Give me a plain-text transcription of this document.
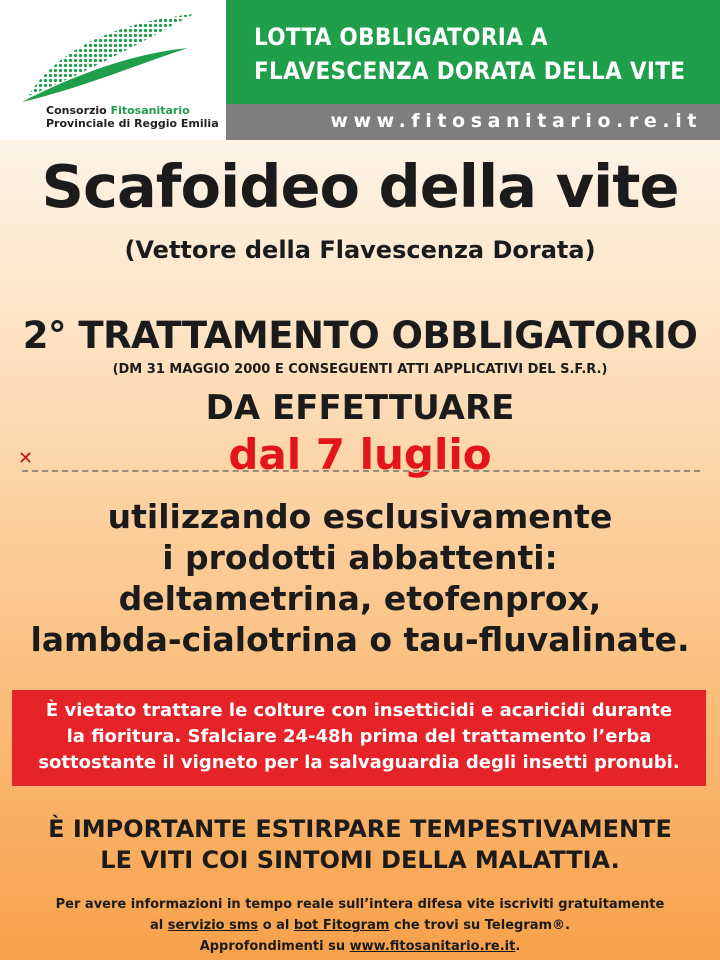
Consorzio Fitosanitario
Provinciale di Reggio Emilia
LOTTA OBBLIGATORIA A
FLAVESCENZA DORATA DELLA VITE
www.fitosanitario.re.it
Scafoideo della vite
(Vettore della Flavescenza Dorata)
2° TRATTAMENTO OBBLIGATORIO
(DM 31 MAGGIO 2000 E CONSEGUENTI ATTI APPLICATIVI DEL S.F.R.)
DA EFFETTUARE
✕	dal 7 luglio
utilizzando esclusivamente
i prodotti abbattenti:
deltametrina, etofenprox,
lambda-cialotrina o tau-fluvalinate.
È vietato trattare le colture con insetticidi e acaricidi durante
la fioritura. Sfalciare 24-48h prima del trattamento l’erba
sottostante il vigneto per la salvaguardia degli insetti pronubi.
È IMPORTANTE ESTIRPARE TEMPESTIVAMENTE
LE VITI COI SINTOMI DELLA MALATTIA.
Per avere informazioni in tempo reale sull’intera difesa vite iscriviti gratuitamente
al servizio sms o al bot Fitogram che trovi su Telegram®.
Approfondimenti su www.fitosanitario.re.it.
